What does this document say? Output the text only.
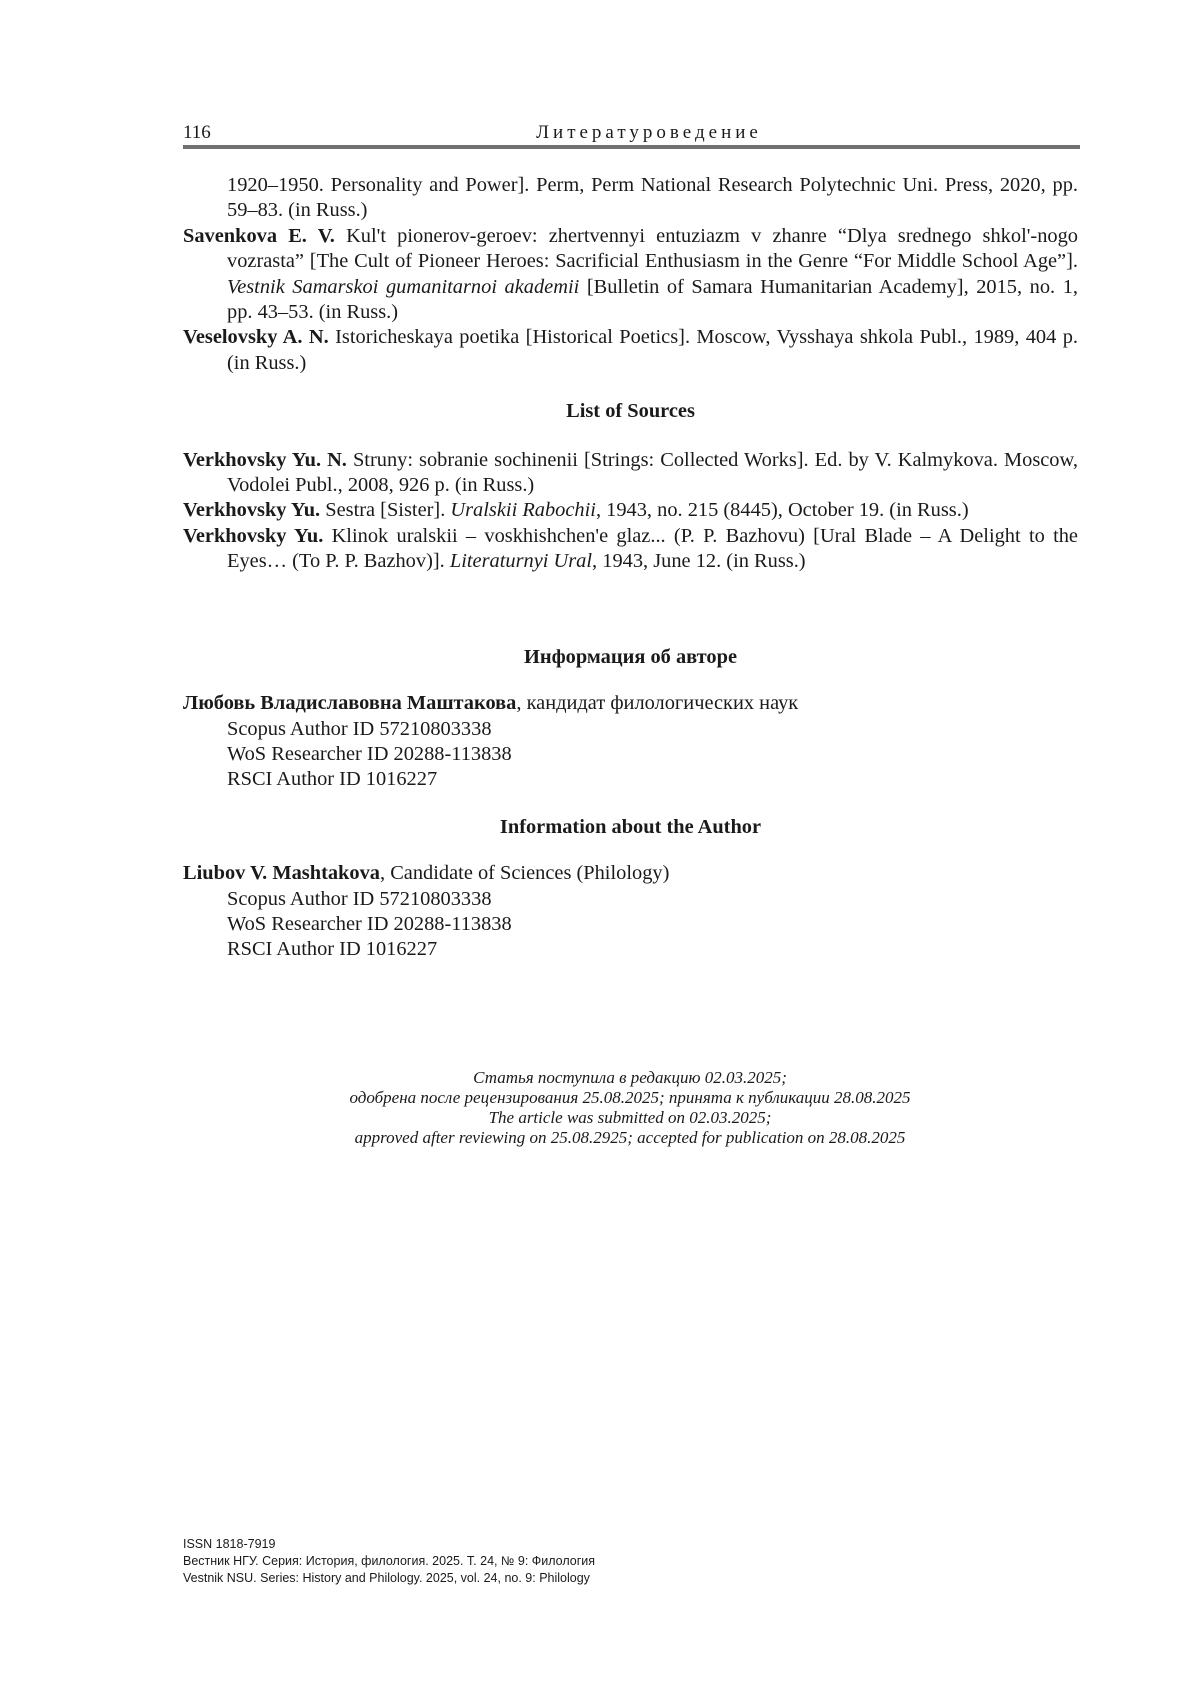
116	Литературоведение

1920–1950. Personality and Power]. Perm, Perm National Research Polytechnic Uni. Press, 2020, pp. 59–83. (in Russ.)

Savenkova E. V. Kul't pionerov-geroev: zhertvennyi entuziazm v zhanre “Dlya srednego shkol'-nogo vozrasta” [The Cult of Pioneer Heroes: Sacrificial Enthusiasm in the Genre “For Middle School Age”]. Vestnik Samarskoi gumanitarnoi akademii [Bulletin of Samara Humanitarian Academy], 2015, no. 1, pp. 43–53. (in Russ.)

Veselovsky A. N. Istoricheskaya poetika [Historical Poetics]. Moscow, Vysshaya shkola Publ., 1989, 404 p. (in Russ.)

List of Sources

Verkhovsky Yu. N. Struny: sobranie sochinenii [Strings: Collected Works]. Ed. by V. Kalmykova. Moscow, Vodolei Publ., 2008, 926 p. (in Russ.)

Verkhovsky Yu. Sestra [Sister]. Uralskii Rabochii, 1943, no. 215 (8445), October 19. (in Russ.)

Verkhovsky Yu. Klinok uralskii – voskhishchen'e glaz... (P. P. Bazhovu) [Ural Blade – A Delight to the Eyes… (To P. P. Bazhov)]. Literaturnyi Ural, 1943, June 12. (in Russ.)

Информация об авторе

Любовь Владиславовна Маштакова, кандидат филологических наук

Scopus Author ID 57210803338

WoS Researcher ID 20288-113838

RSCI Author ID 1016227

Information about the Author

Liubov V. Mashtakova, Candidate of Sciences (Philology)

Scopus Author ID 57210803338

WoS Researcher ID 20288-113838

RSCI Author ID 1016227

Статья поступила в редакцию 02.03.2025;
одобрена после рецензирования 25.08.2025; принята к публикации 28.08.2025
The article was submitted on 02.03.2025;
approved after reviewing on 25.08.2925; accepted for publication on 28.08.2025
ISSN 1818-7919
Вестник НГУ. Серия: История, филология. 2025. Т. 24, № 9: Филология
Vestnik NSU. Series: History and Philology. 2025, vol. 24, no. 9: Philology
